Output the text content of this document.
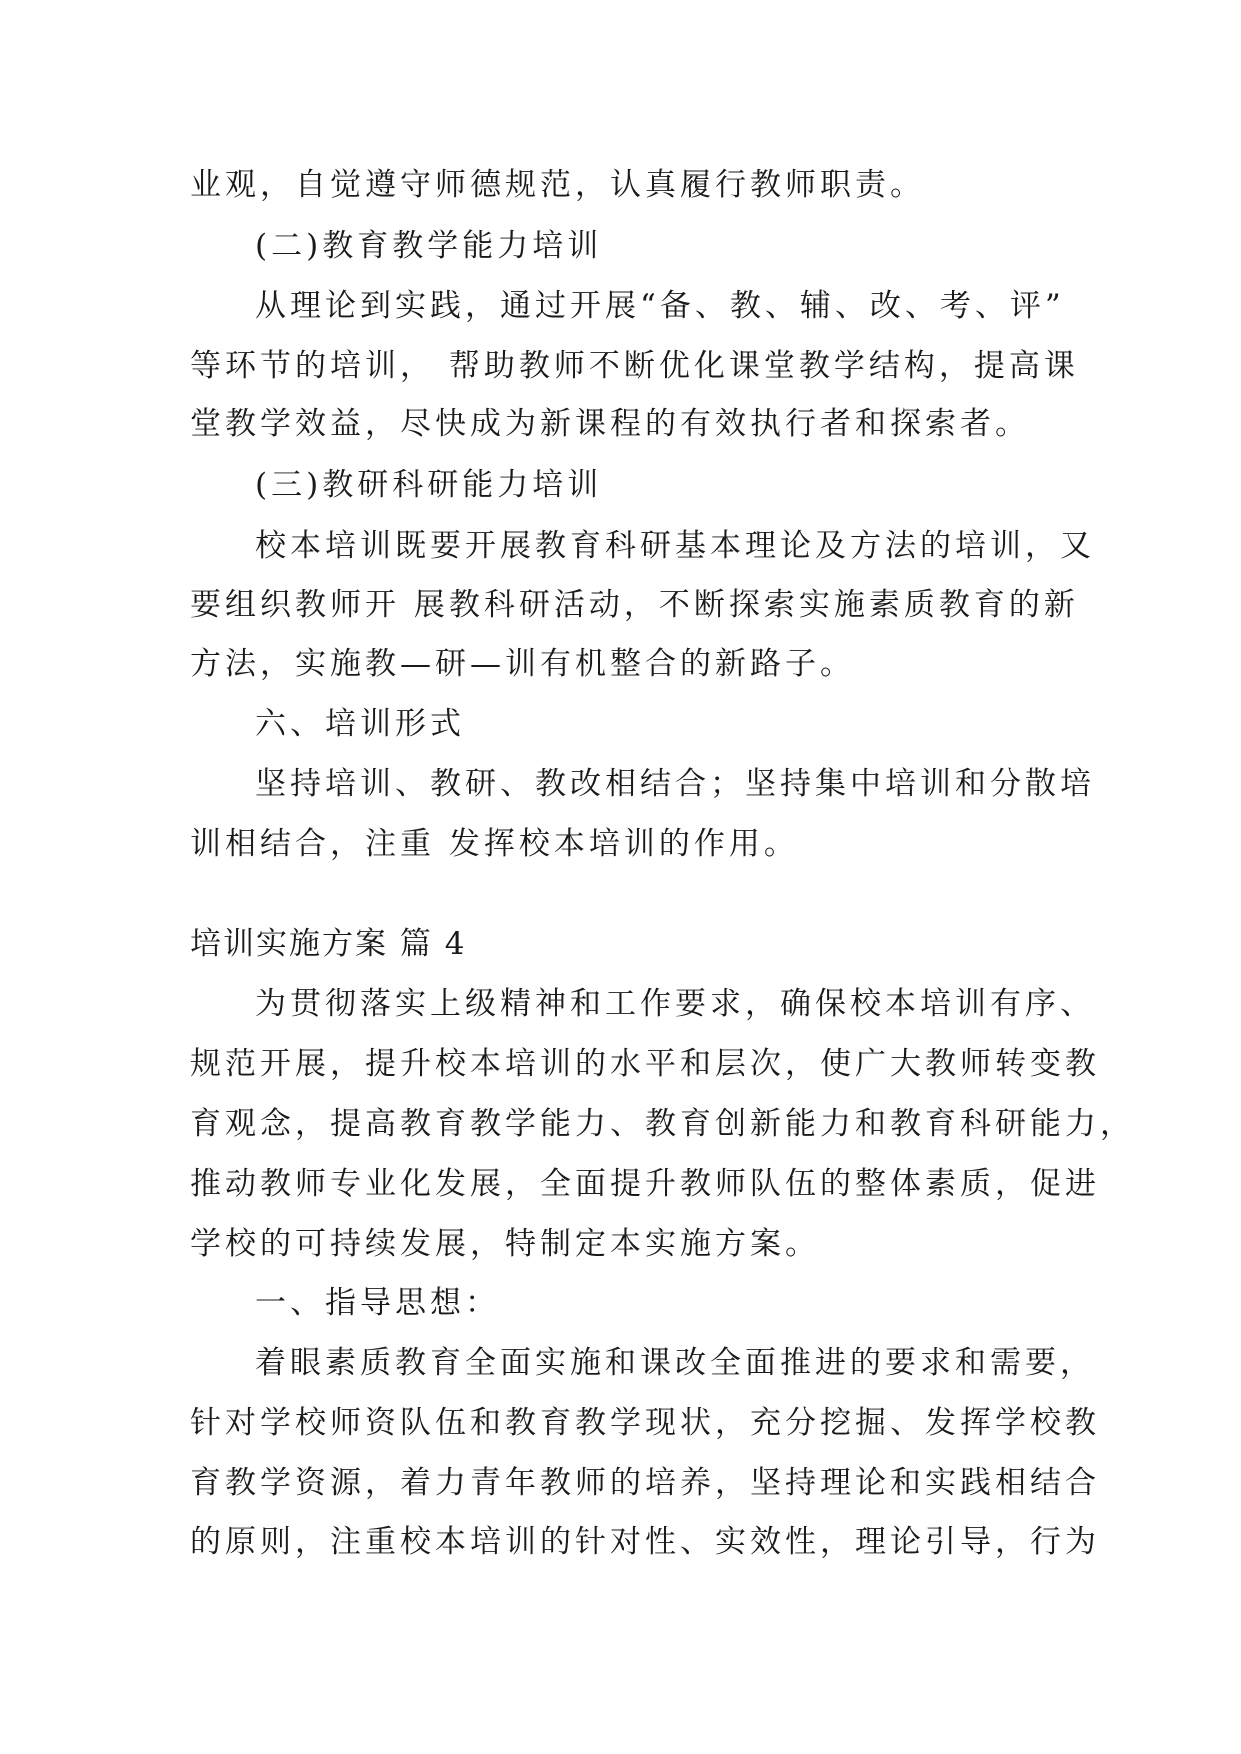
业观，自觉遵守师德规范，认真履行教师职责。
(二)教育教学能力培训
从理论到实践，通过开展“备、教、辅、改、考、评”
等环节的培训， 帮助教师不断优化课堂教学结构，提高课
堂教学效益，尽快成为新课程的有效执行者和探索者。
(三)教研科研能力培训
校本培训既要开展教育科研基本理论及方法的培训，又
要组织教师开 展教科研活动，不断探索实施素质教育的新
方法，实施教—研—训有机整合的新路子。
六、培训形式
坚持培训、教研、教改相结合；坚持集中培训和分散培
训相结合，注重 发挥校本培训的作用。
培训实施方案 篇 4
为贯彻落实上级精神和工作要求，确保校本培训有序、
规范开展，提升校本培训的水平和层次，使广大教师转变教
育观念，提高教育教学能力、教育创新能力和教育科研能力，
推动教师专业化发展，全面提升教师队伍的整体素质，促进
学校的可持续发展，特制定本实施方案。
一、指导思想：
着眼素质教育全面实施和课改全面推进的要求和需要，
针对学校师资队伍和教育教学现状，充分挖掘、发挥学校教
育教学资源，着力青年教师的培养，坚持理论和实践相结合
的原则，注重校本培训的针对性、实效性，理论引导，行为
